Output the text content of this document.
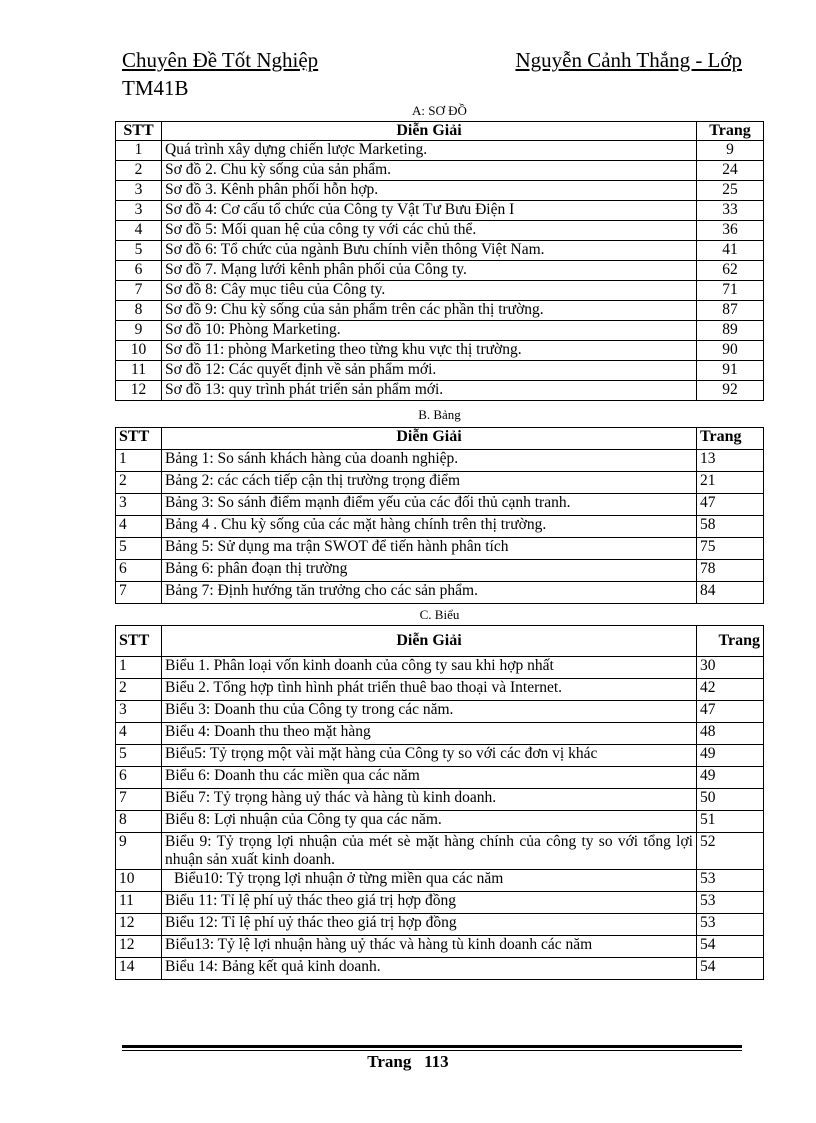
Chuyên Đề Tốt Nghiệp	Nguyễn Cảnh Thắng - Lớp
TM41B
A: SƠ ĐỒ
STT	Diễn Giải	Trang
1	Quá trình xây dựng chiến lược Marketing.	9
2	Sơ đồ 2. Chu kỳ sống của sản phẩm.	24
3	Sơ đồ 3. Kênh phân phối hỗn hợp.	25
3	Sơ đồ 4: Cơ cấu tổ chức của Công ty Vật Tư Bưu Điện I	33
4	Sơ đồ 5: Mối quan hệ của công ty với các chủ thể.	36
5	Sơ đồ 6: Tổ chức của ngành Bưu chính viễn thông Việt Nam.	41
6	Sơ đồ 7. Mạng lưới kênh phân phối của Công ty.	62
7	Sơ đồ 8: Cây mục tiêu của Công ty.	71
8	Sơ đồ 9: Chu kỳ sống của sản phẩm trên các phần thị trường.	87
9	Sơ đồ 10: Phòng Marketing.	89
10	Sơ đồ 11: phòng Marketing theo từng khu vực thị trường.	90
11	Sơ đồ 12: Các quyết định về sản phẩm mới.	91
12	Sơ đồ 13: quy trình phát triển sản phẩm mới.	92
B. Bảng
STT	Diễn Giải	Trang
1	Bảng 1: So sánh khách hàng của doanh nghiệp.	13
2	Bảng 2: các cách tiếp cận thị trường trọng điểm	21
3	Bảng 3: So sánh điểm mạnh điểm yếu của các đối thủ cạnh tranh.	47
4	Bảng 4 . Chu kỳ sống của các mặt hàng chính trên thị trường.	58
5	Bảng 5: Sử dụng ma trận SWOT để tiến hành phân tích	75
6	Bảng 6: phân đoạn thị trường	78
7	Bảng 7: Định hướng tăn trưởng cho các sản phẩm.	84
C. Biểu
STT	Diễn Giải	Trang
1	Biểu 1. Phân loại vốn kinh doanh của công ty sau khi hợp nhất	30
2	Biểu 2. Tổng hợp tình hình phát triển thuê bao thoại và Internet.	42
3	Biểu 3: Doanh thu của Công ty trong các năm.	47
4	Biểu 4: Doanh thu theo mặt hàng	48
5	Biểu5: Tỷ trọng một vài mặt hàng của Công ty so với các đơn vị khác	49
6	Biểu 6: Doanh thu các miền qua các năm	49
7	Biểu 7: Tỷ trọng hàng uỷ thác và hàng tù kinh doanh.	50
8	Biểu 8: Lợi nhuận của Công ty qua các năm.	51
9	Biểu 9: Tỷ trọng lợi nhuận của mét sè mặt hàng chính của công ty so với tổng lợi nhuận sản xuất kinh doanh.	52
10	Biểu10: Tỷ trọng lợi nhuận ở từng miền qua các năm	53
11	Biểu 11: Tỉ lệ phí uỷ thác theo giá trị hợp đồng	53
12	Biểu 12: Tỉ lệ phí uỷ thác theo giá trị hợp đồng	53
12	Biểu13: Tỷ lệ lợi nhuận hàng uỷ thác và hàng tù kinh doanh các năm	54
14	Biểu 14: Bảng kết quả kinh doanh.	54
Trang 113
